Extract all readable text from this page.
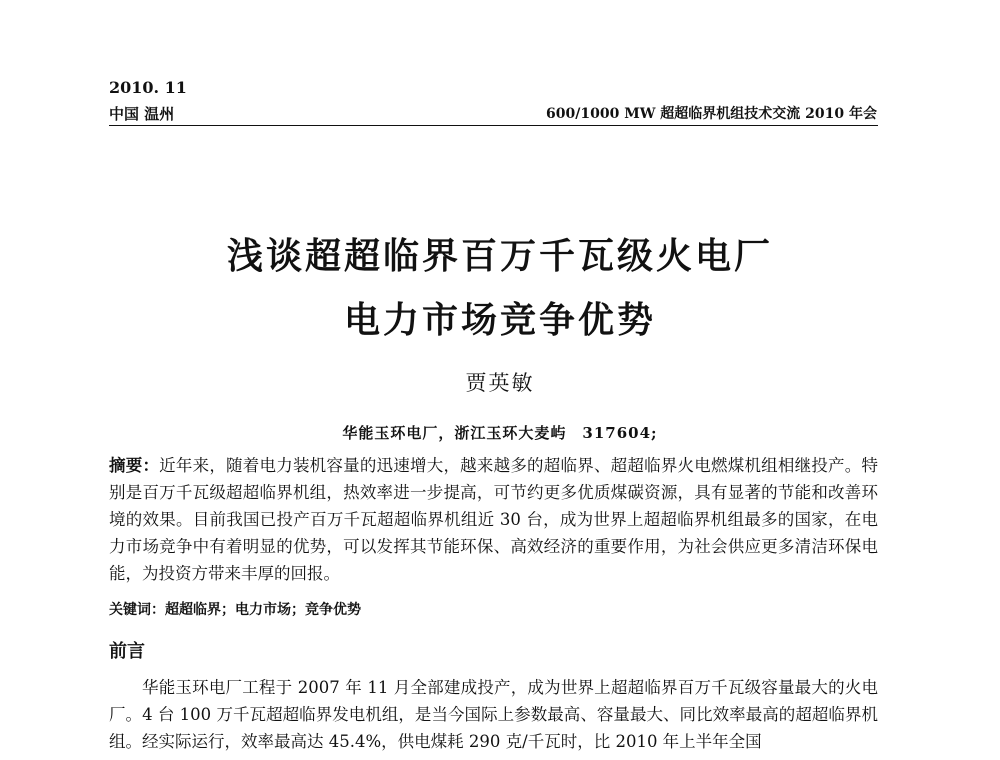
2010. 11
中国 温州	600/1000 MW 超超临界机组技术交流 2010 年会
浅谈超超临界百万千瓦级火电厂
电力市场竞争优势
贾英敏
华能玉环电厂，浙江玉环大麦屿　317604;
摘要：近年来，随着电力装机容量的迅速增大，越来越多的超临界、超超临界火电燃煤机组相继投产。特别是百万千瓦级超超临界机组，热效率进一步提高，可节约更多优质煤碳资源，具有显著的节能和改善环境的效果。目前我国已投产百万千瓦超超临界机组近 30 台，成为世界上超超临界机组最多的国家，在电力市场竞争中有着明显的优势，可以发挥其节能环保、高效经济的重要作用，为社会供应更多清洁环保电能，为投资方带来丰厚的回报。
关键词：超超临界；电力市场；竞争优势
前言
华能玉环电厂工程于 2007 年 11 月全部建成投产，成为世界上超超临界百万千瓦级容量最大的火电厂。4 台 100 万千瓦超超临界发电机组，是当今国际上参数最高、容量最大、同比效率最高的超超临界机组。经实际运行，效率最高达 45.4%，供电煤耗 290 克/千瓦时，比 2010 年上半年全国
